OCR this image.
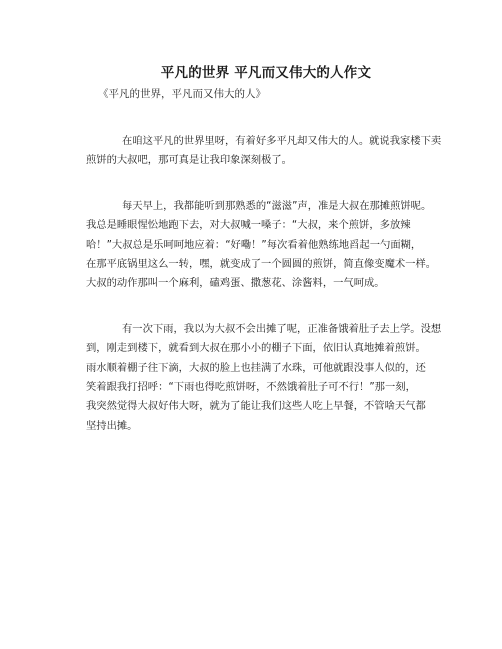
平凡的世界 平凡而又伟大的人作文
《平凡的世界，平凡而又伟大的人》
在咱这平凡的世界里呀，有着好多平凡却又伟大的人。就说我家楼下卖
煎饼的大叔吧，那可真是让我印象深刻极了。
每天早上，我都能听到那熟悉的“滋滋”声，准是大叔在那摊煎饼呢。
我总是睡眼惺忪地跑下去，对大叔喊一嗓子：“大叔，来个煎饼，多放辣
哈！”大叔总是乐呵呵地应着：“好嘞！”每次看着他熟练地舀起一勺面糊，
在那平底锅里这么一转，嘿，就变成了一个圆圆的煎饼，简直像变魔术一样。
大叔的动作那叫一个麻利，磕鸡蛋、撒葱花、涂酱料，一气呵成。
有一次下雨，我以为大叔不会出摊了呢，正准备饿着肚子去上学。没想
到，刚走到楼下，就看到大叔在那小小的棚子下面，依旧认真地摊着煎饼。
雨水顺着棚子往下滴，大叔的脸上也挂满了水珠，可他就跟没事人似的，还
笑着跟我打招呼：“下雨也得吃煎饼呀，不然饿着肚子可不行！”那一刻，
我突然觉得大叔好伟大呀，就为了能让我们这些人吃上早餐，不管啥天气都
坚持出摊。
